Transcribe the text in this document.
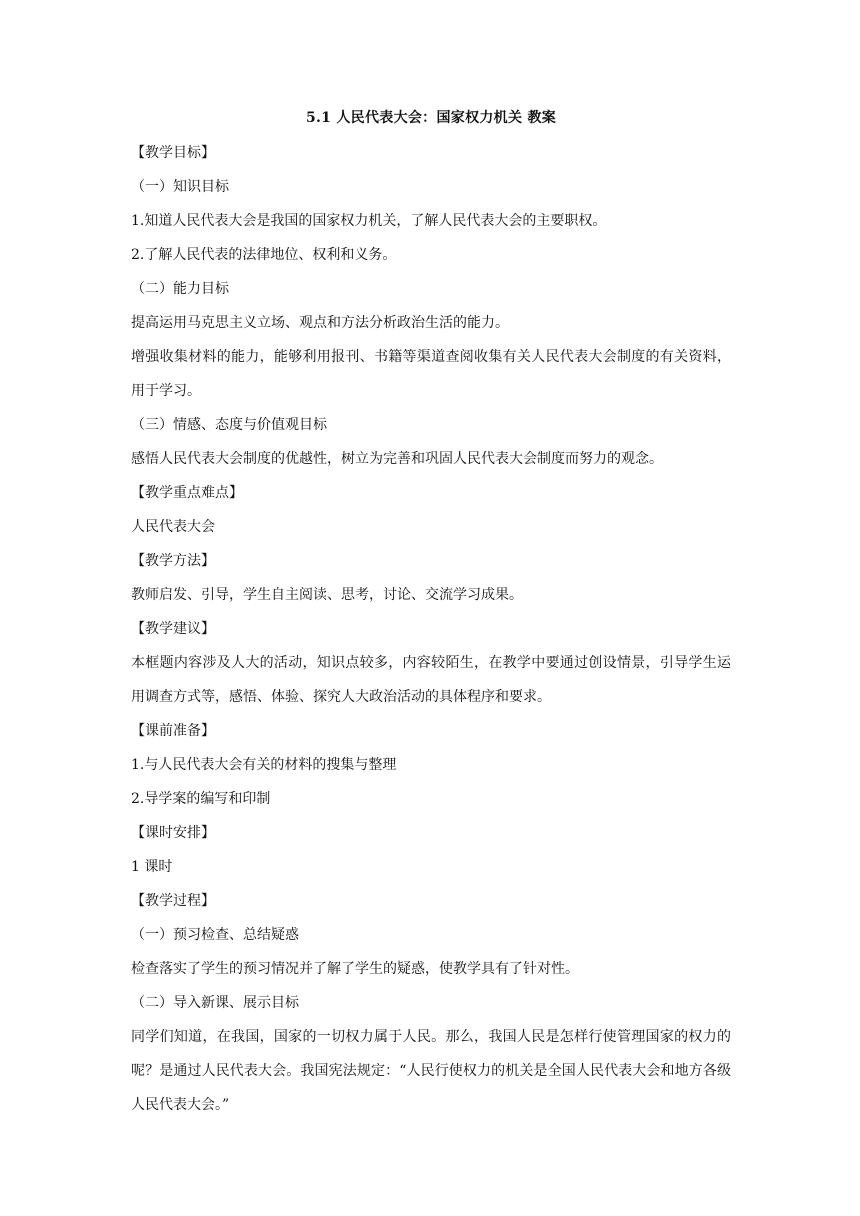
5.1 人民代表大会：国家权力机关 教案
【教学目标】
（一）知识目标
1.知道人民代表大会是我国的国家权力机关，了解人民代表大会的主要职权。
2.了解人民代表的法律地位、权利和义务。
（二）能力目标
提高运用马克思主义立场、观点和方法分析政治生活的能力。
增强收集材料的能力，能够利用报刊、书籍等渠道查阅收集有关人民代表大会制度的有关资料，用于学习。
（三）情感、态度与价值观目标
感悟人民代表大会制度的优越性，树立为完善和巩固人民代表大会制度而努力的观念。
【教学重点难点】
人民代表大会
【教学方法】
教师启发、引导，学生自主阅读、思考，讨论、交流学习成果。
【教学建议】
本框题内容涉及人大的活动，知识点较多，内容较陌生，在教学中要通过创设情景，引导学生运用调查方式等，感悟、体验、探究人大政治活动的具体程序和要求。
【课前准备】
1.与人民代表大会有关的材料的搜集与整理
2.导学案的编写和印制
【课时安排】
1 课时
【教学过程】
（一）预习检查、总结疑惑
检查落实了学生的预习情况并了解了学生的疑惑，使教学具有了针对性。
（二）导入新课、展示目标
同学们知道，在我国，国家的一切权力属于人民。那么，我国人民是怎样行使管理国家的权力的呢？是通过人民代表大会。我国宪法规定：“人民行使权力的机关是全国人民代表大会和地方各级人民代表大会。”
